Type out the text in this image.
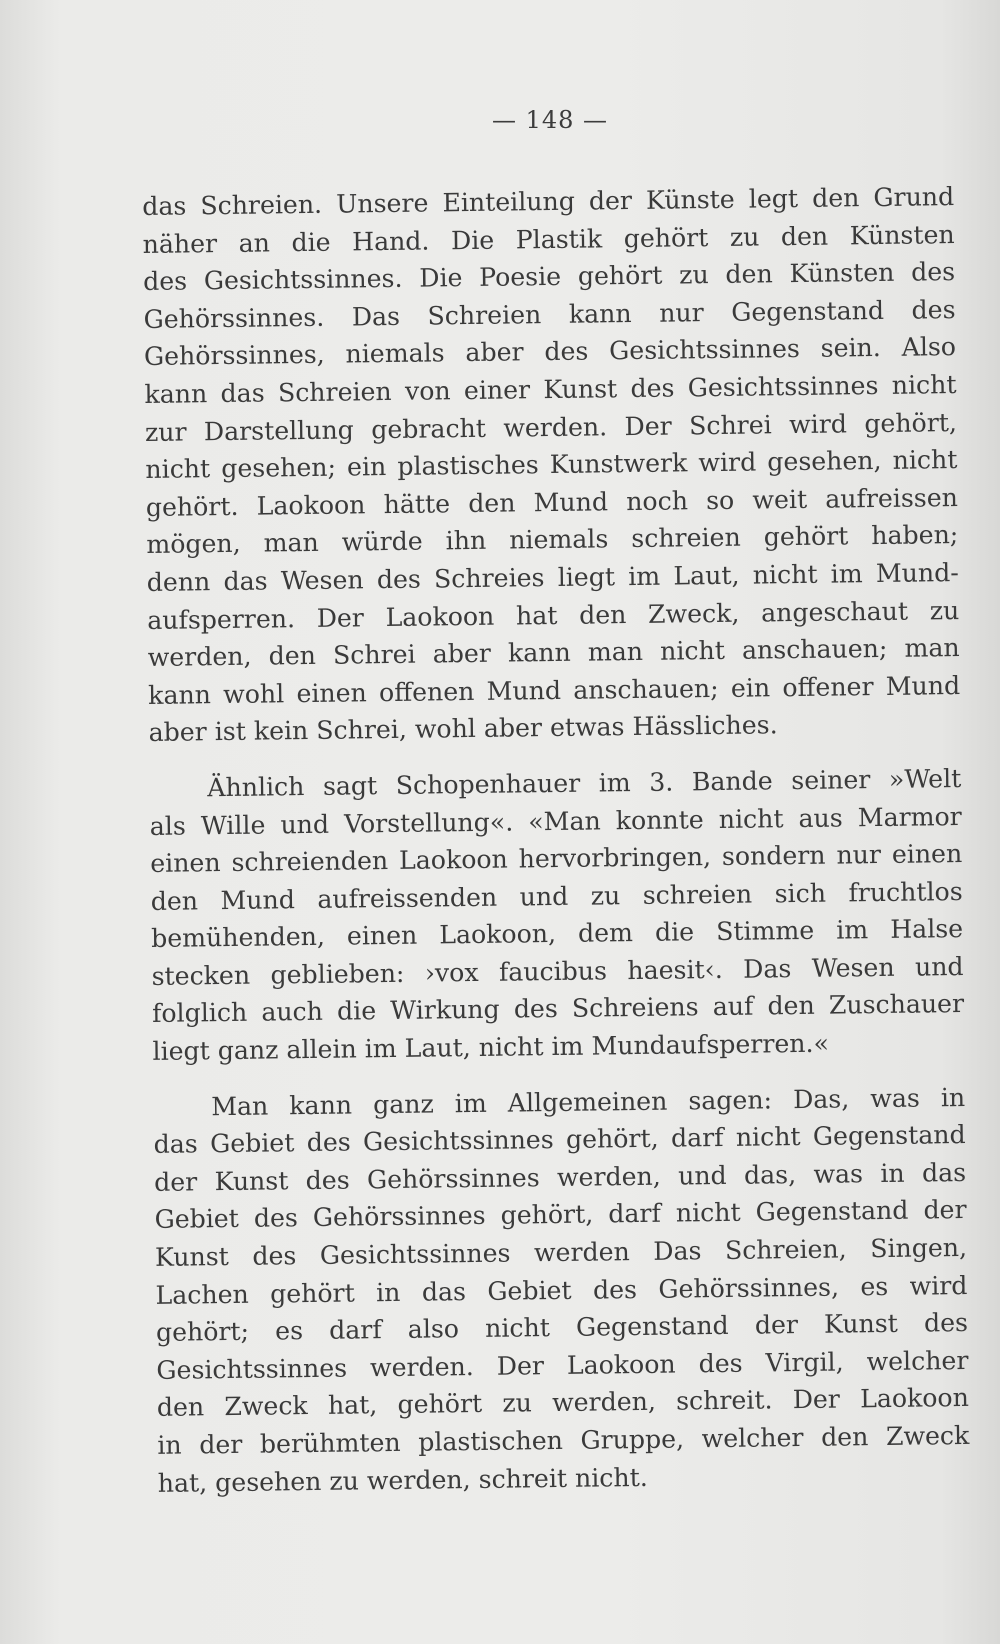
— 148 —
das Schreien. Unsere Einteilung der Künste legt den Grund
näher an die Hand. Die Plastik gehört zu den Künsten
des Gesichtssinnes. Die Poesie gehört zu den Künsten des
Gehörssinnes. Das Schreien kann nur Gegenstand des
Gehörssinnes, niemals aber des Gesichtssinnes sein. Also
kann das Schreien von einer Kunst des Gesichtssinnes nicht
zur Darstellung gebracht werden. Der Schrei wird gehört,
nicht gesehen; ein plastisches Kunstwerk wird gesehen, nicht
gehört. Laokoon hätte den Mund noch so weit aufreissen
mögen, man würde ihn niemals schreien gehört haben;
denn das Wesen des Schreies liegt im Laut, nicht im Mund-
aufsperren. Der Laokoon hat den Zweck, angeschaut zu
werden, den Schrei aber kann man nicht anschauen; man
kann wohl einen offenen Mund anschauen; ein offener Mund
aber ist kein Schrei, wohl aber etwas Hässliches.
Ähnlich sagt Schopenhauer im 3. Bande seiner »Welt
als Wille und Vorstellung«. «Man konnte nicht aus Marmor
einen schreienden Laokoon hervorbringen, sondern nur einen
den Mund aufreissenden und zu schreien sich fruchtlos
bemühenden, einen Laokoon, dem die Stimme im Halse
stecken geblieben: ›vox faucibus haesit‹. Das Wesen und
folglich auch die Wirkung des Schreiens auf den Zuschauer
liegt ganz allein im Laut, nicht im Mundaufsperren.«
Man kann ganz im Allgemeinen sagen: Das, was in
das Gebiet des Gesichtssinnes gehört, darf nicht Gegenstand
der Kunst des Gehörssinnes werden, und das, was in das
Gebiet des Gehörssinnes gehört, darf nicht Gegenstand der
Kunst des Gesichtssinnes werden Das Schreien, Singen,
Lachen gehört in das Gebiet des Gehörssinnes, es wird
gehört; es darf also nicht Gegenstand der Kunst des
Gesichtssinnes werden. Der Laokoon des Virgil, welcher
den Zweck hat, gehört zu werden, schreit. Der Laokoon
in der berühmten plastischen Gruppe, welcher den Zweck
hat, gesehen zu werden, schreit nicht.
